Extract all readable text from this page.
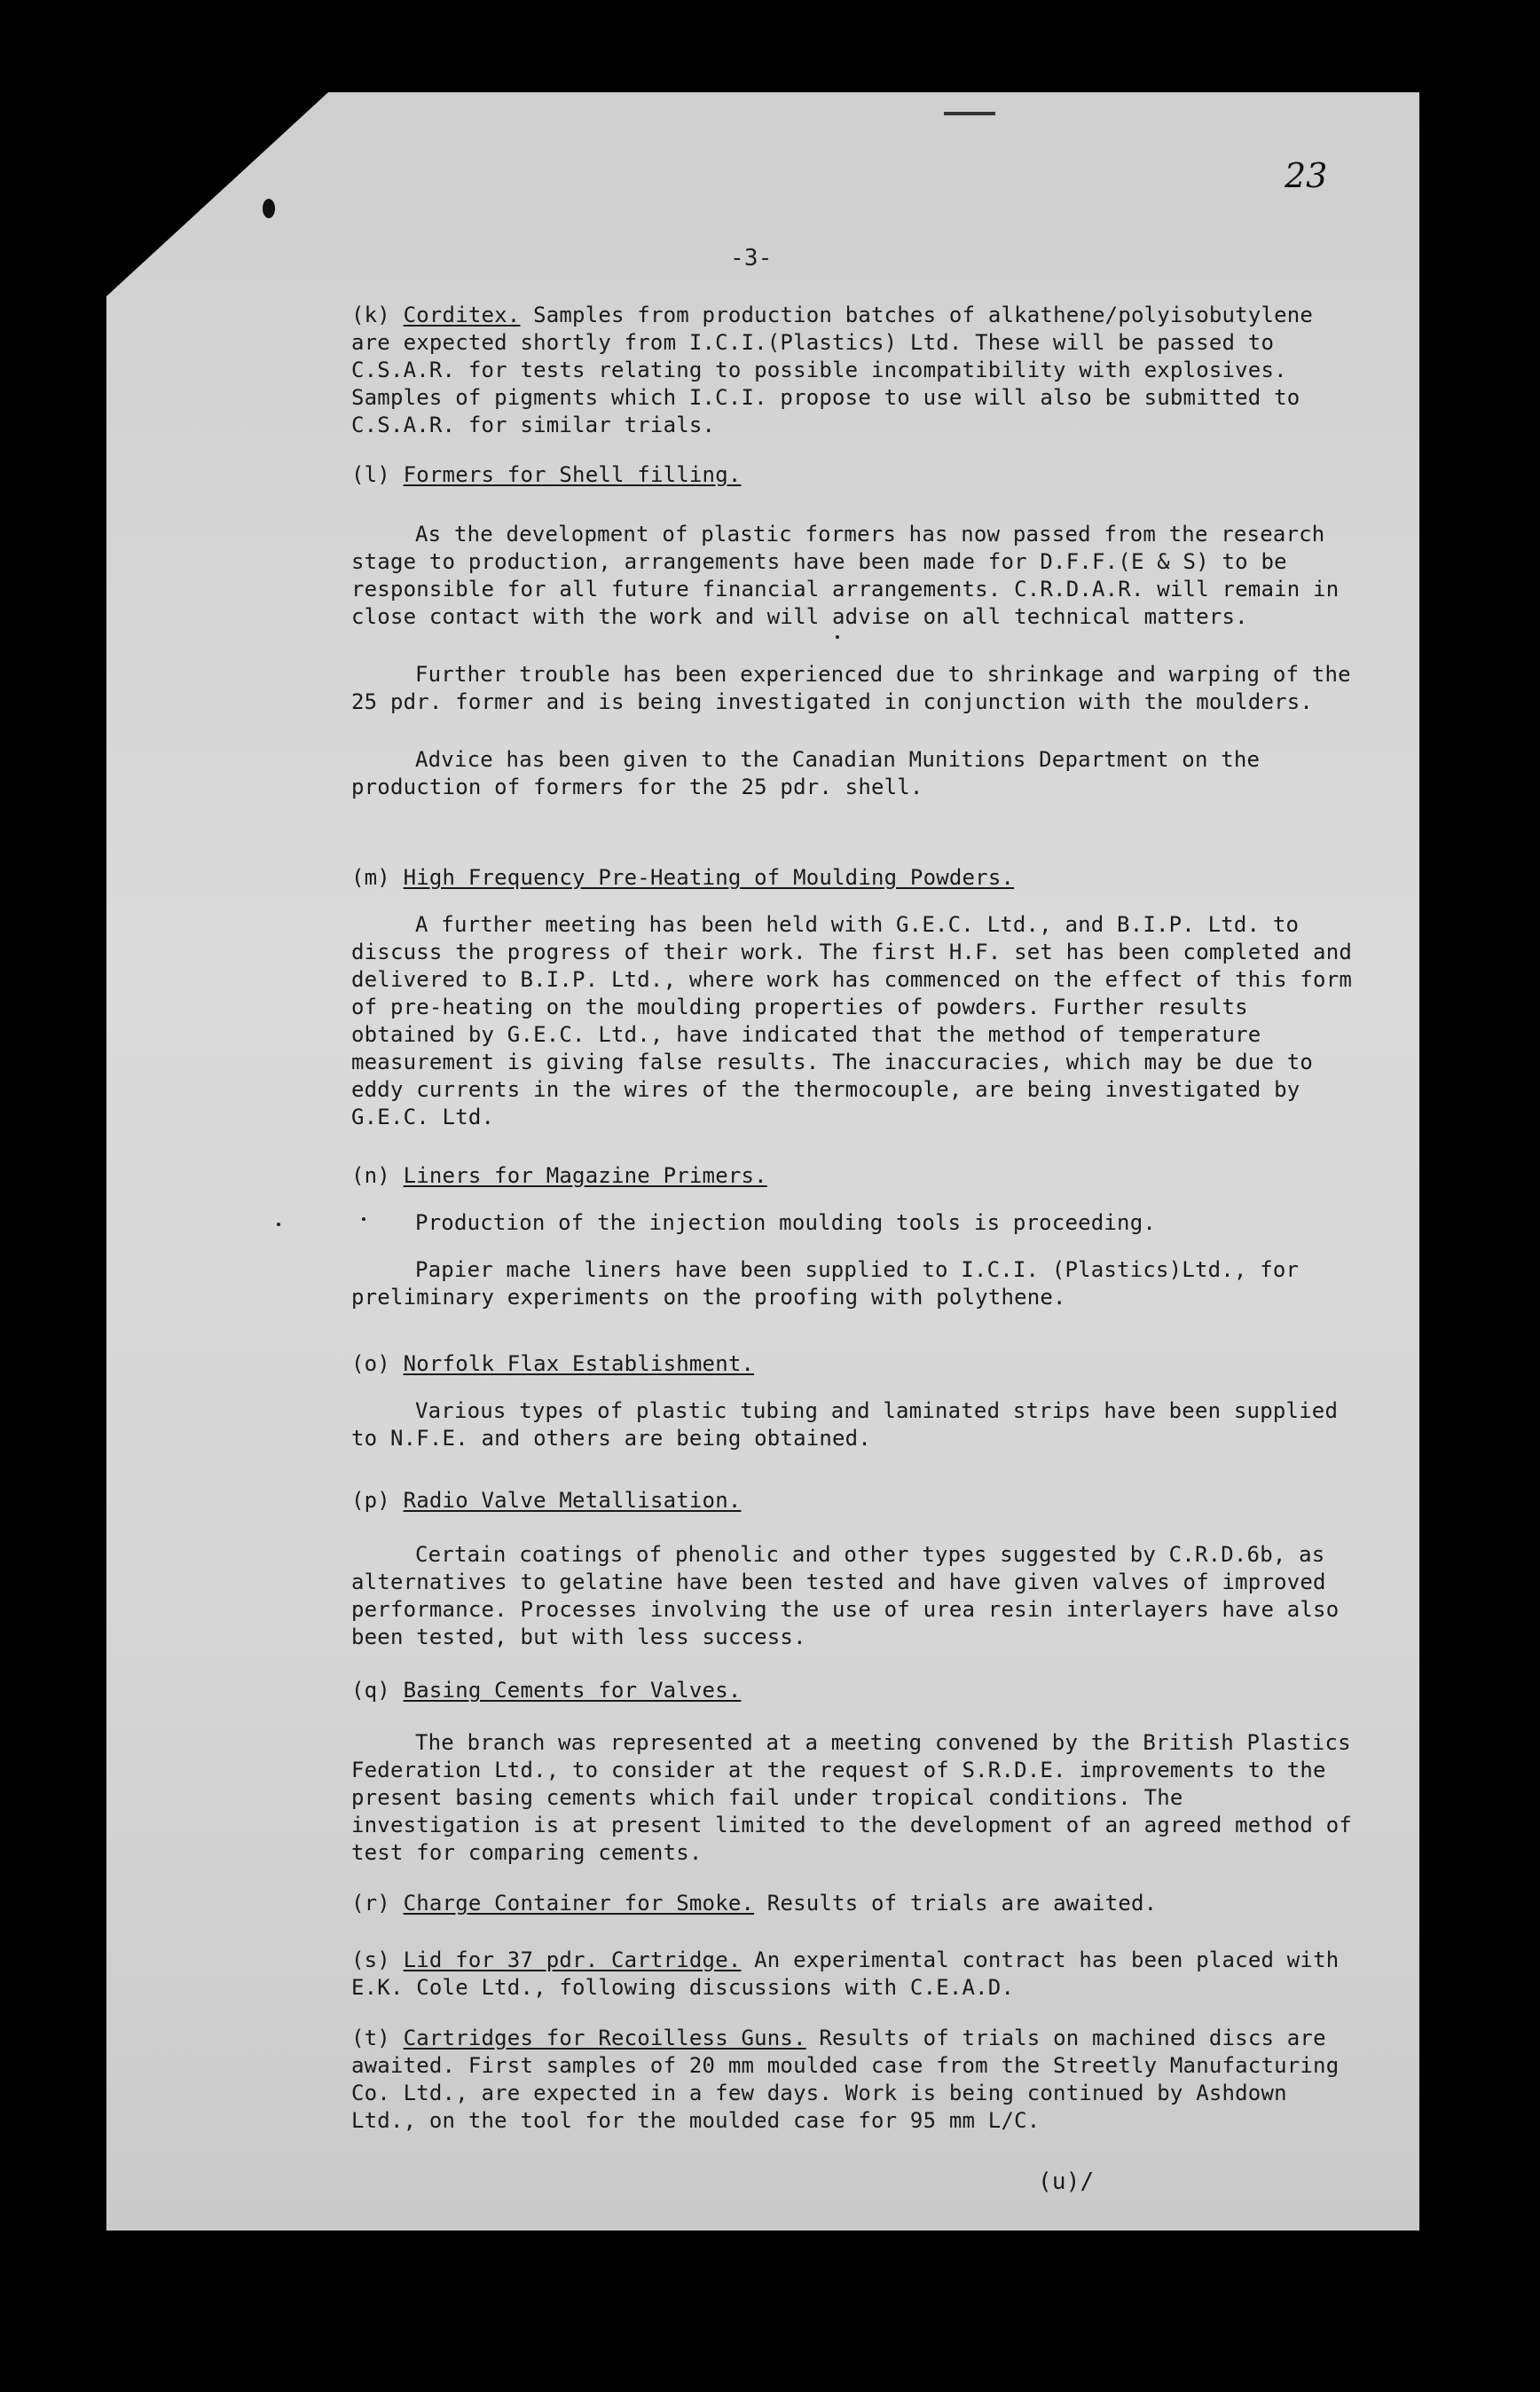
23
-3-

(k) Corditex. Samples from production batches of alkathene/polyisobutylene are expected shortly from I.C.I.(Plastics) Ltd. These will be passed to C.S.A.R. for tests relating to possible incompatibility with explosives. Samples of pigments which I.C.I. propose to use will also be submitted to C.S.A.R. for similar trials.

(l) Formers for Shell filling.

As the development of plastic formers has now passed from the research stage to production, arrangements have been made for D.F.F.(E & S) to be responsible for all future financial arrangements. C.R.D.A.R. will remain in close contact with the work and will advise on all technical matters.

Further trouble has been experienced due to shrinkage and warping of the 25 pdr. former and is being investigated in conjunction with the moulders.

Advice has been given to the Canadian Munitions Department on the production of formers for the 25 pdr. shell.

(m) High Frequency Pre-Heating of Moulding Powders.

A further meeting has been held with G.E.C. Ltd., and B.I.P. Ltd. to discuss the progress of their work. The first H.F. set has been completed and delivered to B.I.P. Ltd., where work has commenced on the effect of this form of pre-heating on the moulding properties of powders. Further results obtained by G.E.C. Ltd., have indicated that the method of temperature measurement is giving false results. The inaccuracies, which may be due to eddy currents in the wires of the thermocouple, are being investigated by G.E.C. Ltd.

(n) Liners for Magazine Primers.

Production of the injection moulding tools is proceeding.

Papier mache liners have been supplied to I.C.I. (Plastics)Ltd., for preliminary experiments on the proofing with polythene.

(o) Norfolk Flax Establishment.

Various types of plastic tubing and laminated strips have been supplied to N.F.E. and others are being obtained.

(p) Radio Valve Metallisation.

Certain coatings of phenolic and other types suggested by C.R.D.6b, as alternatives to gelatine have been tested and have given valves of improved performance. Processes involving the use of urea resin interlayers have also been tested, but with less success.

(q) Basing Cements for Valves.

The branch was represented at a meeting convened by the British Plastics Federation Ltd., to consider at the request of S.R.D.E. improvements to the present basing cements which fail under tropical conditions. The investigation is at present limited to the development of an agreed method of test for comparing cements.

(r) Charge Container for Smoke. Results of trials are awaited.

(s) Lid for 37 pdr. Cartridge. An experimental contract has been placed with E.K. Cole Ltd., following discussions with C.E.A.D.

(t) Cartridges for Recoilless Guns. Results of trials on machined discs are awaited. First samples of 20 mm moulded case from the Streetly Manufacturing Co. Ltd., are expected in a few days. Work is being continued by Ashdown Ltd., on the tool for the moulded case for 95 mm L/C.

(u)/
